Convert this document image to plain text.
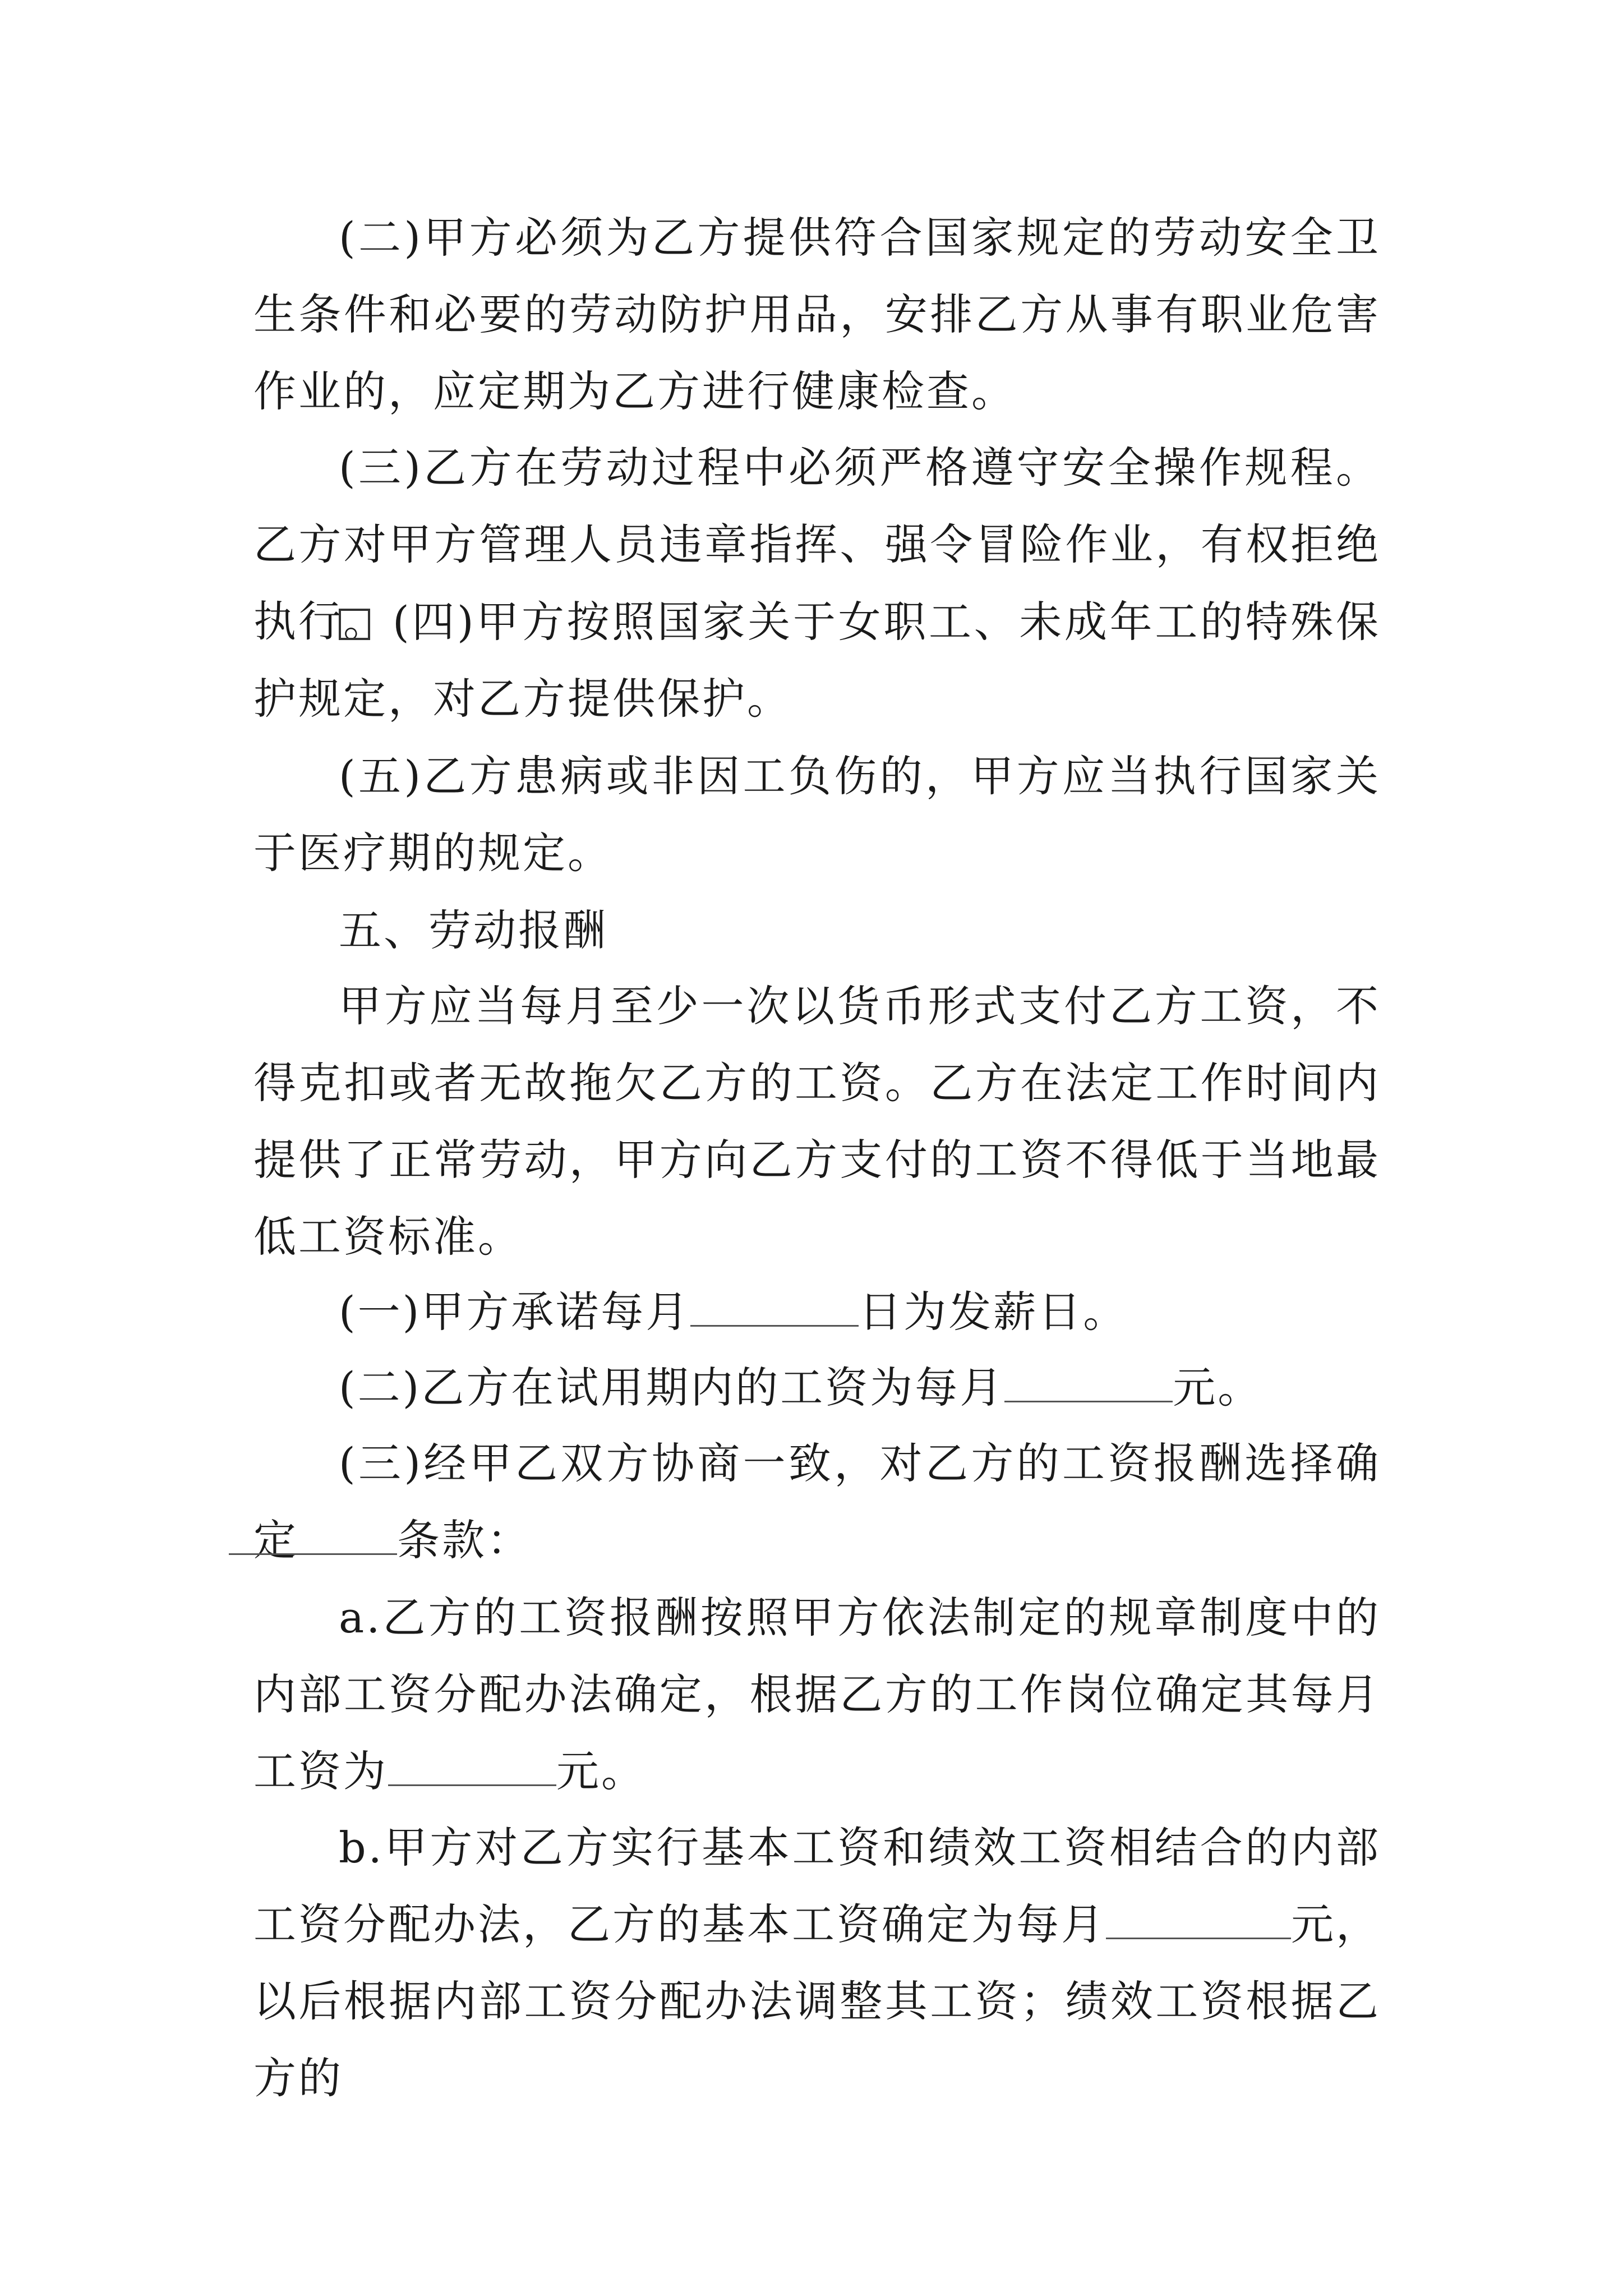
(二)甲方必须为乙方提供符合国家规定的劳动安全卫生条件和必要的劳动防护用品，安排乙方从事有职业危害作业的，应定期为乙方进行健康检查。

(三)乙方在劳动过程中必须严格遵守安全操作规程。乙方对甲方管理人员违章指挥、强令冒险作业，有权拒绝执行。 (四)甲方按照国家关于女职工、未成年工的特殊保护规定，对乙方提供保护。

(五)乙方患病或非因工负伤的，甲方应当执行国家关于医疗期的规定。

五、劳动报酬

甲方应当每月至少一次以货币形式支付乙方工资，不得克扣或者无故拖欠乙方的工资。乙方在法定工作时间内提供了正常劳动，甲方向乙方支付的工资不得低于当地最低工资标准。

(一)甲方承诺每月	日为发薪日。

(二)乙方在试用期内的工资为每月	元。

(三)经甲乙双方协商一致，对乙方的工资报酬选择确定 条款：

a.乙方的工资报酬按照甲方依法制定的规章制度中的内部工资分配办法确定，根据乙方的工作岗位确定其每月工资为	元。

b.甲方对乙方实行基本工资和绩效工资相结合的内部工资分配办法，乙方的基本工资确定为每月	元，以后根据内部工资分配办法调整其工资；绩效工资根据乙方的
